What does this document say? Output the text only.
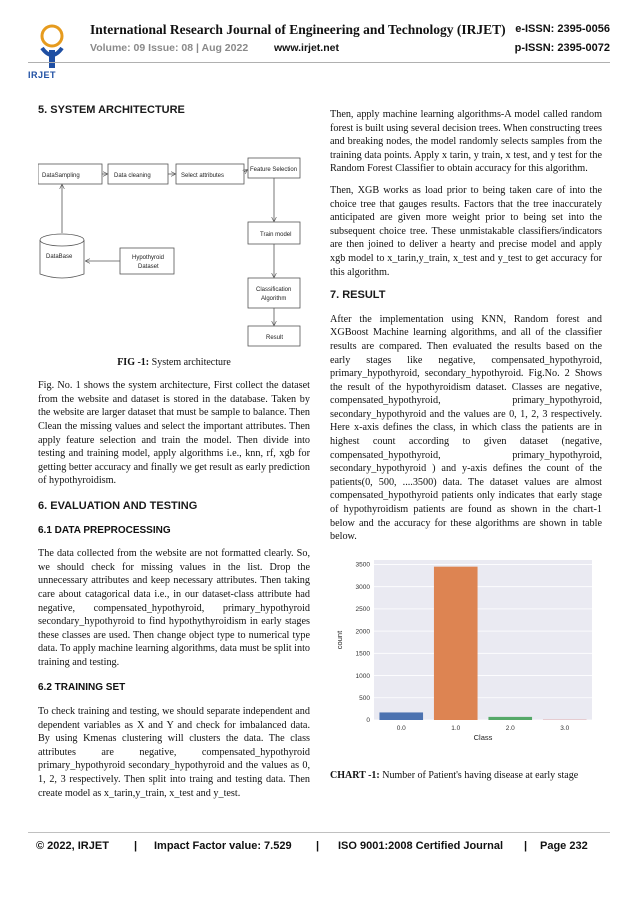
IRJET
International Research Journal of Engineering and Technology (IRJET) e-ISSN: 2395-0056
Volume: 09 Issue: 08 | Aug 2022 www.irjet.net	p-ISSN: 2395-0072
5. SYSTEM ARCHITECTURE
DataSampling	Data cleaning	Select attributes
Feature Selection
Train model
DataBase	Hypothyroid
Dataset
Classification
Algorithm
Result
FIG -1: System architecture

Fig. No. 1 shows the system architecture, First collect the dataset from the website and dataset is stored in the database. Taken by the website are larger dataset that must be sample to balance. Then Clean the missing values and select the important attributes. Then apply feature selection and train the model. Then divide into testing and training model, apply algorithms i.e., knn, rf, xgb for getting better accuracy and finally we get result as early prediction of hypothyroidism.

6. EVALUATION AND TESTING
6.1 DATA PREPROCESSING

The data collected from the website are not formatted clearly. So, we should check for missing values in the list. Drop the unnecessary attributes and keep necessary attributes. Then taking care about catagorical data i.e., in our dataset-class attribute had negative, compensated_hypothyroid, primary_hypothyroid secondary_hypothyroid to find hypothythyroidism in early stages these classes are used. Then change object type to numerical type data. To apply machine learning algorithms, data must be split into training and testing.

6.2 TRAINING SET

To check training and testing, we should separate independent and dependent variables as X and Y and check for imbalanced data. By using Kmenas clustering will clusters the data. The class attributes are negative, compensated_hypothyroid primary_hypothyroid secondary_hypothyroid and the values as 0, 1, 2, 3 respectively. Then split into traing and testing data. Then create model as x_tarin,y_train, x_test and y_test.

Then, apply machine learning algorithms-A model called random forest is built using several decision trees. When constructing trees and breaking nodes, the model randomly selects samples from the training data points. Apply x tarin, y train, x test, and y test for the Random Forest Classifier to obtain accuracy for this algorithm.

Then, XGB works as load prior to being taken care of into the choice tree that gauges results. Factors that the tree inaccurately anticipated are given more weight prior to being set into the subsequent choice tree. These unmistakable classifiers/indicators are then joined to deliver a hearty and precise model and apply xgb model to x_tarin,y_train, x_test and y_test to get accuracy for this algorithm.

7. RESULT

After the implementation using KNN, Random forest and XGBoost Machine learning algorithms, and all of the classifier results are compared. Then evaluated the results based on the early stages like negative, compensated_hypothyroid, primary_hypothyroid, secondary_hypothyroid. Fig.No. 2 Shows the result of the hypothyroidism dataset. Classes are negative, compensated_hypothyroid, primary_hypothyroid, secondary_hypothyroid and the values are 0, 1, 2, 3 respectively. Here x-axis defines the class, in which class the patients are in highest count according to given dataset (negative, compensated_hypothyroid, primary_hypothyroid, secondary_hypothyroid ) and y-axis defines the count of the patients(0, 500, ....3500) data. The dataset values are almost compensated_hypothyroid patients only indicates that early stage of hypothyroidism patients are found as shown in the chart-1 below and the accuracy for these algorithms are shown in table below.

0
500
1000
1500
2000
2500
3000
3500
0.0	1.0	2.0	3.0
Class
count
CHART -1: Number of Patient's having disease at early stage
© 2022, IRJET | Impact Factor value: 7.529 | ISO 9001:2008 Certified Journal | Page 232
